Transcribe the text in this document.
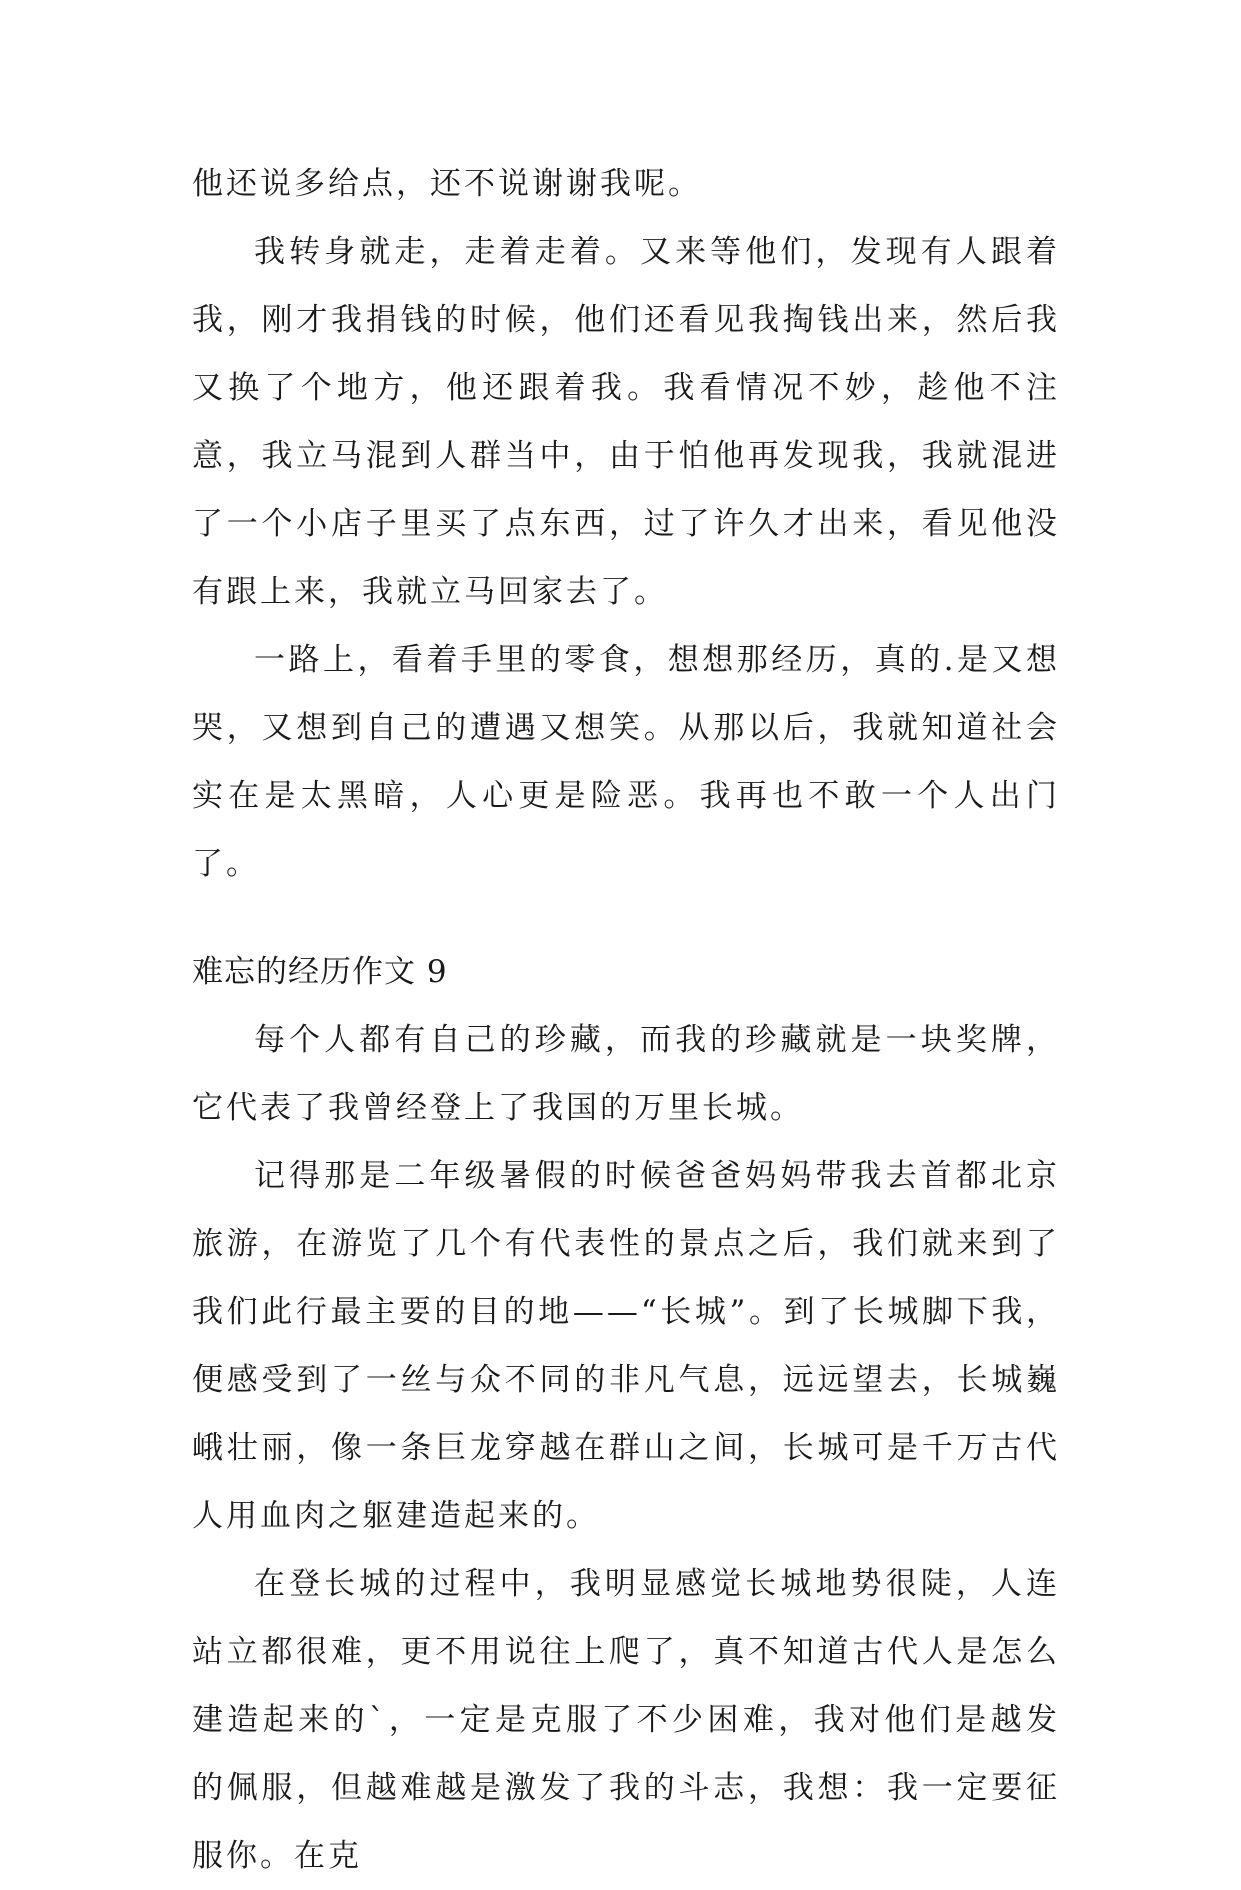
他还说多给点，还不说谢谢我呢。

我转身就走，走着走着。又来等他们，发现有人跟着我，刚才我捐钱的时候，他们还看见我掏钱出来，然后我又换了个地方，他还跟着我。我看情况不妙，趁他不注意，我立马混到人群当中，由于怕他再发现我，我就混进了一个小店子里买了点东西，过了许久才出来，看见他没有跟上来，我就立马回家去了。

一路上，看着手里的零食，想想那经历，真的.是又想哭，又想到自己的遭遇又想笑。从那以后，我就知道社会实在是太黑暗，人心更是险恶。我再也不敢一个人出门了。

难忘的经历作文 9

每个人都有自己的珍藏，而我的珍藏就是一块奖牌，它代表了我曾经登上了我国的万里长城。

记得那是二年级暑假的时候爸爸妈妈带我去首都北京旅游，在游览了几个有代表性的景点之后，我们就来到了我们此行最主要的目的地——“长城”。到了长城脚下我，便感受到了一丝与众不同的非凡气息，远远望去，长城巍峨壮丽，像一条巨龙穿越在群山之间，长城可是千万古代人用血肉之躯建造起来的。

在登长城的过程中，我明显感觉长城地势很陡，人连站立都很难，更不用说往上爬了，真不知道古代人是怎么建造起来的`，一定是克服了不少困难，我对他们是越发的佩服，但越难越是激发了我的斗志，我想：我一定要征服你。在克
